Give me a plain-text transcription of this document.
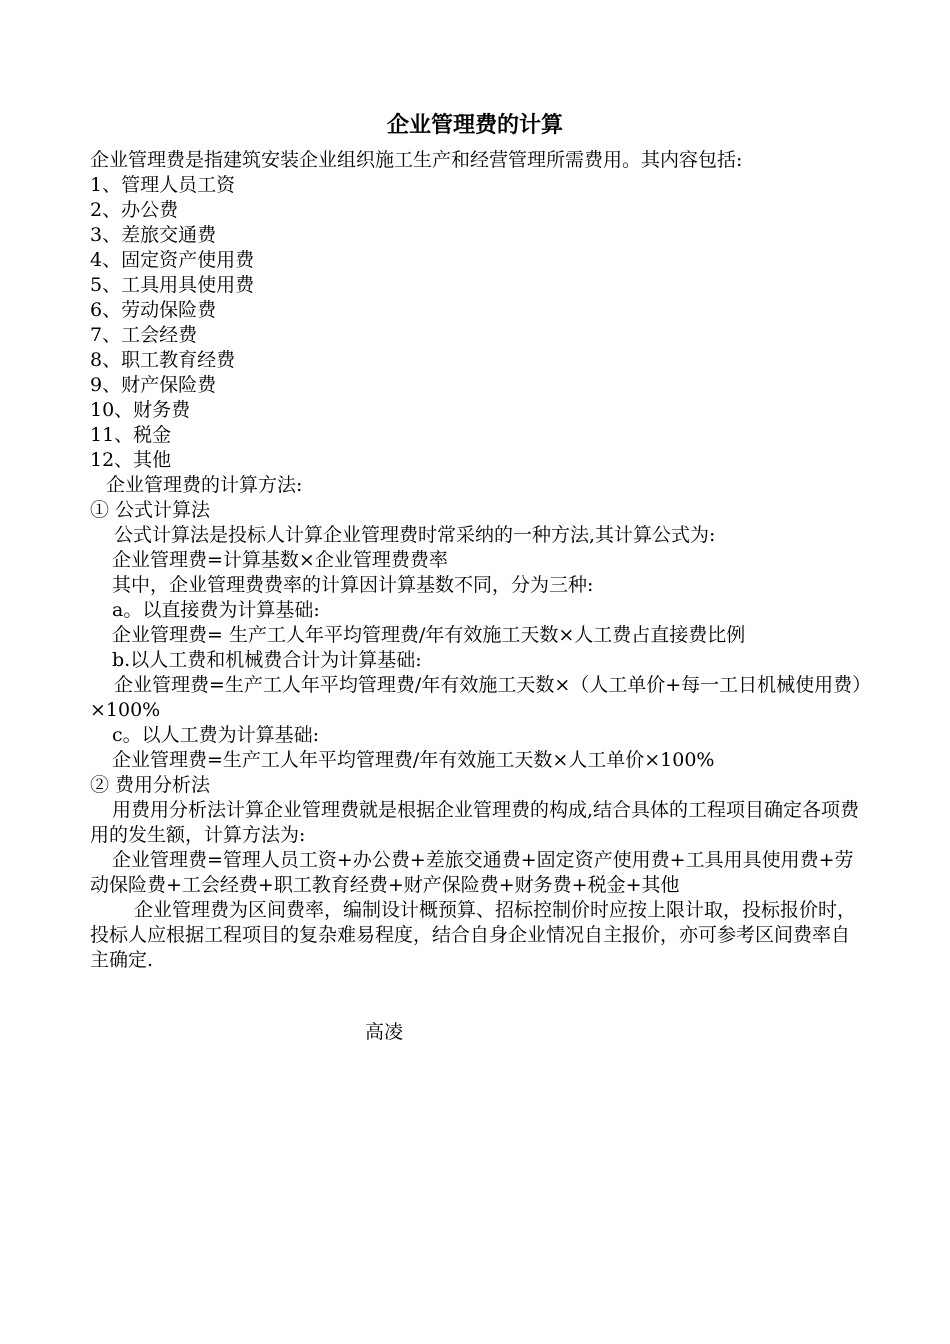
企业管理费的计算
企业管理费是指建筑安装企业组织施工生产和经营管理所需费用。其内容包括:
1、管理人员工资
2、办公费
3、差旅交通费
4、固定资产使用费
5、工具用具使用费
6、劳动保险费
7、工会经费
8、职工教育经费
9、财产保险费
10、财务费
11、税金
12、其他
企业管理费的计算方法:
① 公式计算法
公式计算法是投标人计算企业管理费时常采纳的一种方法,其计算公式为:
企业管理费=计算基数×企业管理费费率
其中，企业管理费费率的计算因计算基数不同，分为三种:
a。以直接费为计算基础:
企业管理费= 生产工人年平均管理费/年有效施工天数×人工费占直接费比例
b.以人工费和机械费合计为计算基础:
企业管理费=生产工人年平均管理费/年有效施工天数×（人工单价+每一工日机械使用费）×100%
c。以人工费为计算基础:
企业管理费=生产工人年平均管理费/年有效施工天数×人工单价×100%
② 费用分析法
用费用分析法计算企业管理费就是根据企业管理费的构成,结合具体的工程项目确定各项费用的发生额，计算方法为:
企业管理费=管理人员工资+办公费+差旅交通费+固定资产使用费+工具用具使用费+劳动保险费+工会经费+职工教育经费+财产保险费+财务费+税金+其他
企业管理费为区间费率，编制设计概预算、招标控制价时应按上限计取，投标报价时，投标人应根据工程项目的复杂难易程度，结合自身企业情况自主报价，亦可参考区间费率自主确定.
高凌
